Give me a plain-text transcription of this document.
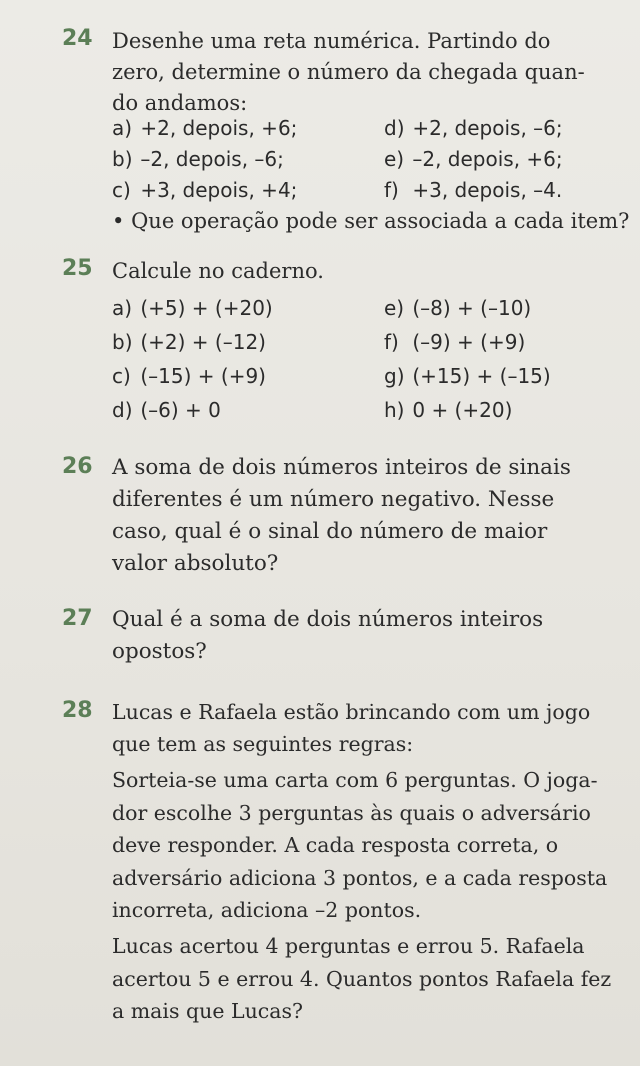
24 Desenhe uma reta numérica. Partindo do
zero, determine o número da chegada quan-
do andamos:
a) +2, depois, +6;	d) +2, depois, –6;
b) –2, depois, –6;	e) –2, depois, +6;
c) +3, depois, +4;	f) +3, depois, –4.
• Que operação pode ser associada a cada item?
25 Calcule no caderno.
a) (+5) + (+20)	e) (–8) + (–10)
b) (+2) + (–12)	f) (–9) + (+9)
c) (–15) + (+9)	g) (+15) + (–15)
d) (–6) + 0	h) 0 + (+20)
26 A soma de dois números inteiros de sinais
diferentes é um número negativo. Nesse
caso, qual é o sinal do número de maior
valor absoluto?
27 Qual é a soma de dois números inteiros
opostos?
28 Lucas e Rafaela estão brincando com um jogo
que tem as seguintes regras:
Sorteia-se uma carta com 6 perguntas. O joga-
dor escolhe 3 perguntas às quais o adversário
deve responder. A cada resposta correta, o
adversário adiciona 3 pontos, e a cada resposta
incorreta, adiciona –2 pontos.
Lucas acertou 4 perguntas e errou 5. Rafaela
acertou 5 e errou 4. Quantos pontos Rafaela fez
a mais que Lucas?
